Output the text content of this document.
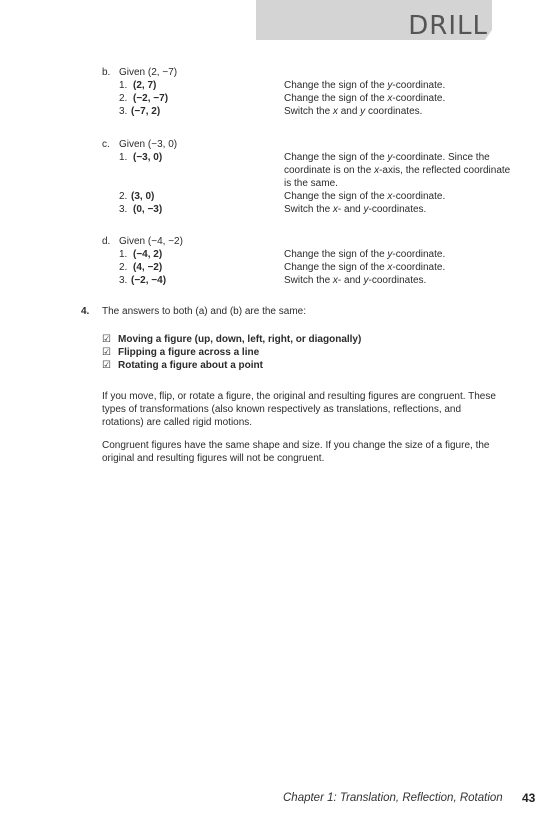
DRILL
b. Given (2, −7)
1. (2, 7)	Change the sign of the y-coordinate.
2. (−2, −7)	Change the sign of the x-coordinate.
3. (−7, 2)	Switch the x and y coordinates.
c. Given (−3, 0)
1. (−3, 0)	Change the sign of the y-coordinate. Since the
coordinate is on the x-axis, the reflected coordinate
is the same.
2. (3, 0)	Change the sign of the x-coordinate.
3. (0, −3)	Switch the x- and y-coordinates.
d. Given (−4, −2)
1. (−4, 2)	Change the sign of the y-coordinate.
2. (4, −2)	Change the sign of the x-coordinate.
3. (−2, −4)	Switch the x- and y-coordinates.
4. The answers to both (a) and (b) are the same:
☑ Moving a figure (up, down, left, right, or diagonally)
☑ Flipping a figure across a line
☑ Rotating a figure about a point
If you move, flip, or rotate a figure, the original and resulting figures are congruent. These types of transformations (also known respectively as translations, reflections, and rotations) are called rigid motions.
Congruent figures have the same shape and size. If you change the size of a figure, the original and resulting figures will not be congruent.
Chapter 1: Translation, Reflection, Rotation 43
